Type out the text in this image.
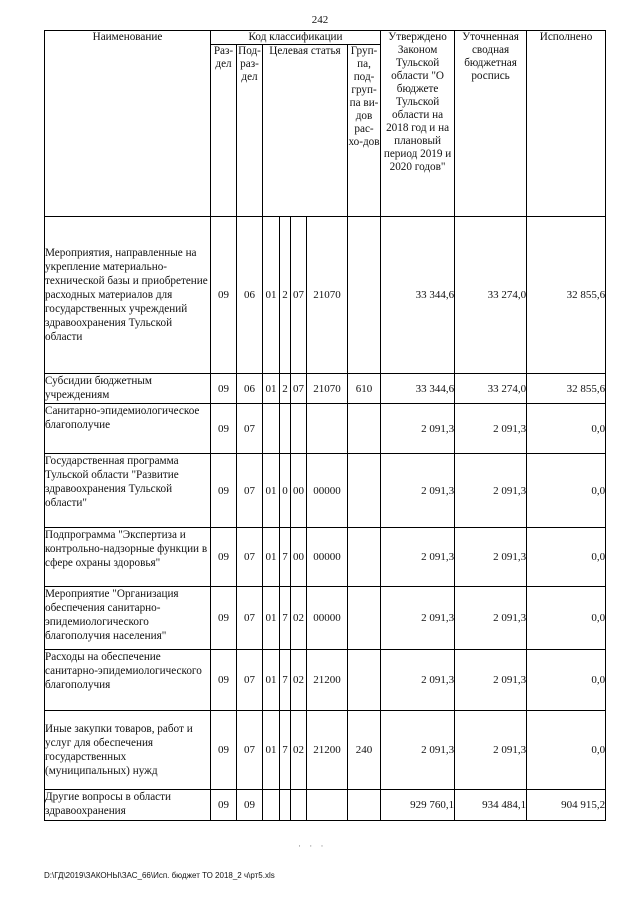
242
Наименование	Код классификации							Утверждено Законом Тульской области "О бюджете Тульской области на 2018 год и на плановый период 2019 и 2020 годов"	Уточненная сводная бюджетная роспись	Исполнено
	Раз-дел	Под-раз-дел	Целевая статья				Груп-па, под-груп-па ви-дов рас-хо-дов			
Мероприятия, направленные на укрепление материально-технической базы и приобретение расходных материалов для государственных учреждений здравоохранения Тульской области	09	06	01	2	07	21070		33 344,6	33 274,0	32 855,6
Субсидии бюджетным учреждениям	09	06	01	2	07	21070	610	33 344,6	33 274,0	32 855,6
Санитарно-эпидемиологическое благополучие	09	07						2 091,3	2 091,3	0,0
Государственная программа Тульской области "Развитие здравоохранения Тульской области"	09	07	01	0	00	00000		2 091,3	2 091,3	0,0
Подпрограмма "Экспертиза и контрольно-надзорные функции в сфере охраны здоровья"	09	07	01	7	00	00000		2 091,3	2 091,3	0,0
Мероприятие "Организация обеспечения санитарно-эпидемиологического благополучия населения"	09	07	01	7	02	00000		2 091,3	2 091,3	0,0
Расходы на обеспечение санитарно-эпидемиологического благополучия	09	07	01	7	02	21200		2 091,3	2 091,3	0,0
Иные закупки товаров, работ и услуг для обеспечения государственных (муниципальных) нужд	09	07	01	7	02	21200	240	2 091,3	2 091,3	0,0
Другие вопросы в области здравоохранения	09	09						929 760,1	934 484,1	904 915,2
· · ·
D:\ГД\2019\ЗАКОНЫ\ЗАС_66\Исп. бюджет ТО 2018_2 ч\рт5.xls
